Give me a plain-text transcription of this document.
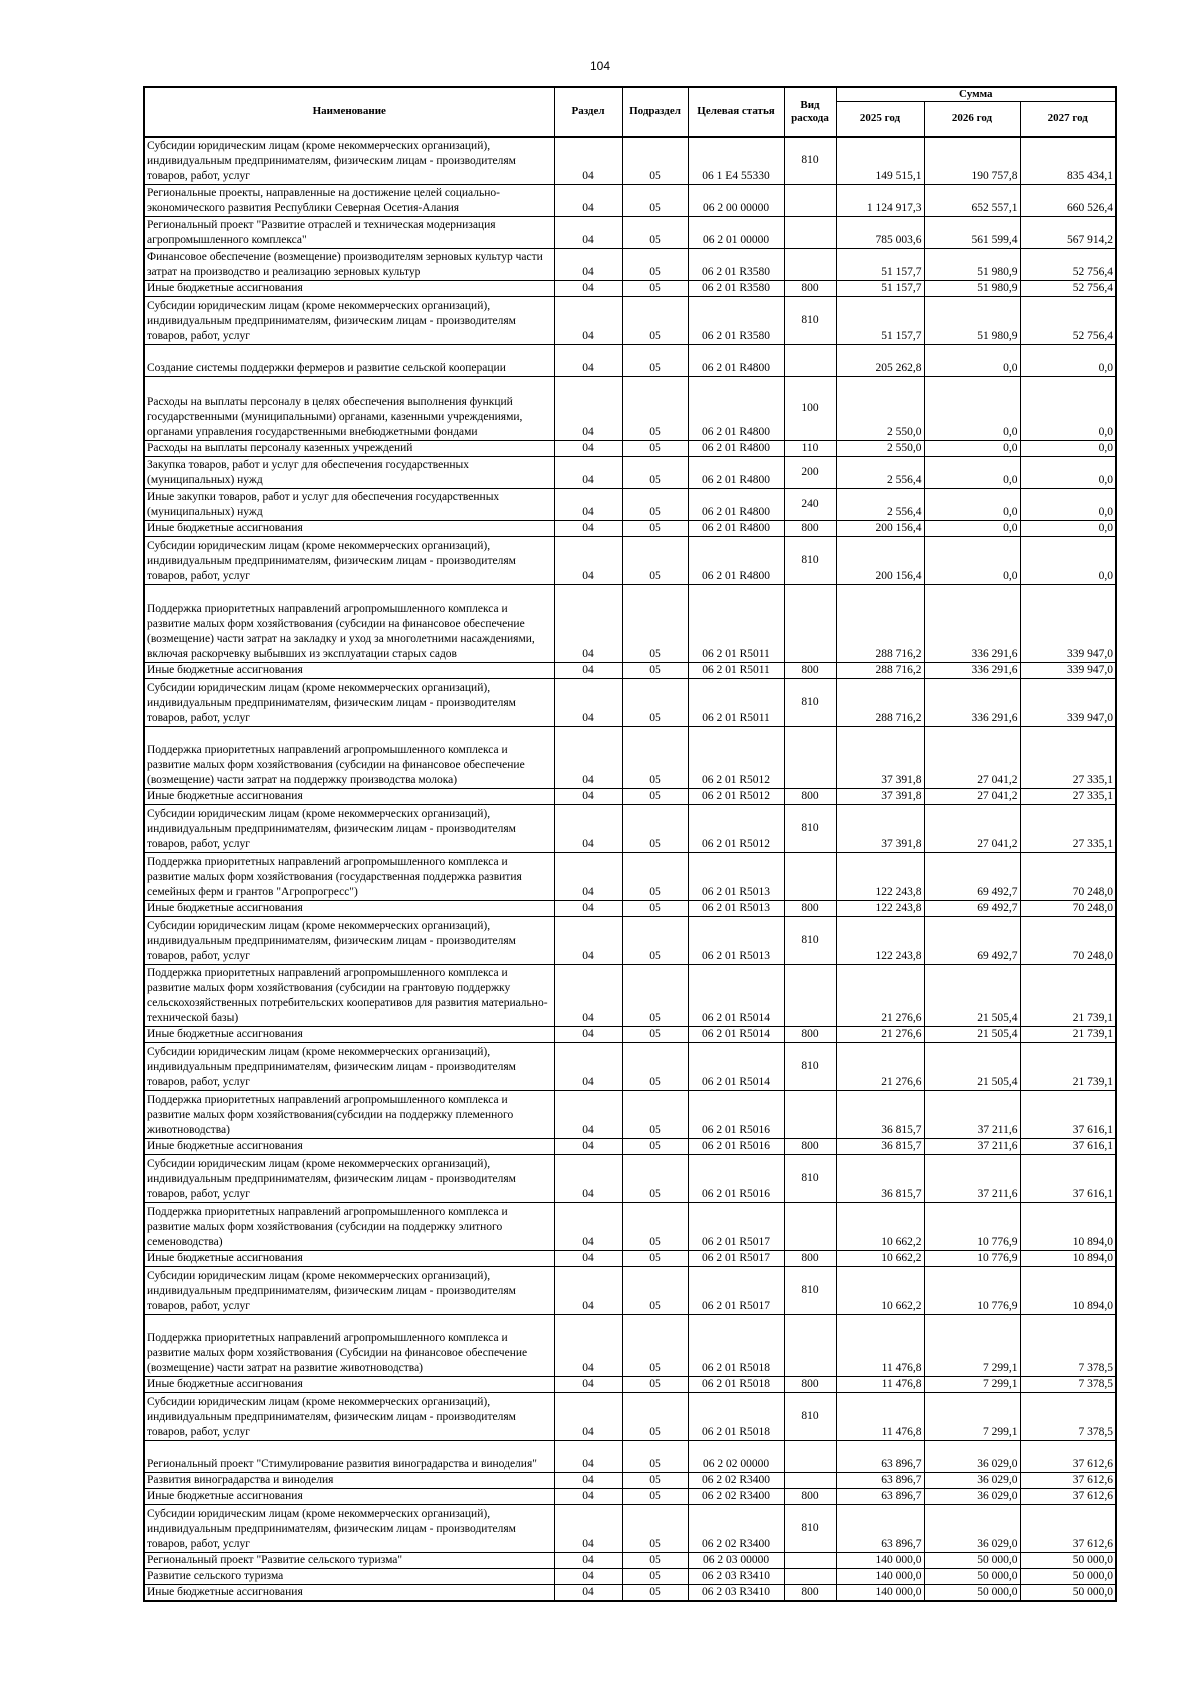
104
Наименование	Раздел	Подраздел	Целевая статья	Вид расхода	Сумма		
					2025 год	2026 год	2027 год
Субсидии юридическим лицам (кроме некоммерческих организаций), индивидуальным предпринимателям, физическим лицам - производителям товаров, работ, услуг	04	05	06 1 E4 55330	810	149 515,1	190 757,8	835 434,1
Региональные проекты, направленные на достижение целей социально-экономического развития Республики Северная Осетия-Алания	04	05	06 2 00 00000		1 124 917,3	652 557,1	660 526,4
Региональный проект "Развитие отраслей и техническая модернизация агропромышленного комплекса"	04	05	06 2 01 00000		785 003,6	561 599,4	567 914,2
Финансовое обеспечение (возмещение) производителям зерновых культур части затрат на производство и реализацию зерновых культур	04	05	06 2 01 R3580		51 157,7	51 980,9	52 756,4
Иные бюджетные ассигнования	04	05	06 2 01 R3580	800	51 157,7	51 980,9	52 756,4
Субсидии юридическим лицам (кроме некоммерческих организаций), индивидуальным предпринимателям, физическим лицам - производителям товаров, работ, услуг	04	05	06 2 01 R3580	810	51 157,7	51 980,9	52 756,4
Создание системы поддержки фермеров и развитие сельской кооперации	04	05	06 2 01 R4800		205 262,8	0,0	0,0
Расходы на выплаты персоналу в целях обеспечения выполнения функций государственными (муниципальными) органами, казенными учреждениями, органами управления государственными внебюджетными фондами	04	05	06 2 01 R4800	100	2 550,0	0,0	0,0
Расходы на выплаты персоналу казенных учреждений	04	05	06 2 01 R4800	110	2 550,0	0,0	0,0
Закупка товаров, работ и услуг для обеспечения государственных (муниципальных) нужд	04	05	06 2 01 R4800	200	2 556,4	0,0	0,0
Иные закупки товаров, работ и услуг для обеспечения государственных (муниципальных) нужд	04	05	06 2 01 R4800	240	2 556,4	0,0	0,0
Иные бюджетные ассигнования	04	05	06 2 01 R4800	800	200 156,4	0,0	0,0
Субсидии юридическим лицам (кроме некоммерческих организаций), индивидуальным предпринимателям, физическим лицам - производителям товаров, работ, услуг	04	05	06 2 01 R4800	810	200 156,4	0,0	0,0
Поддержка приоритетных направлений агропромышленного комплекса и развитие малых форм хозяйствования (субсидии на финансовое обеспечение (возмещение) части затрат на закладку и уход за многолетними насаждениями, включая раскорчевку выбывших из эксплуатации старых садов	04	05	06 2 01 R5011		288 716,2	336 291,6	339 947,0
Иные бюджетные ассигнования	04	05	06 2 01 R5011	800	288 716,2	336 291,6	339 947,0
Субсидии юридическим лицам (кроме некоммерческих организаций), индивидуальным предпринимателям, физическим лицам - производителям товаров, работ, услуг	04	05	06 2 01 R5011	810	288 716,2	336 291,6	339 947,0
Поддержка приоритетных направлений агропромышленного комплекса и развитие малых форм хозяйствования (субсидии на финансовое обеспечение (возмещение) части затрат на поддержку производства молока)	04	05	06 2 01 R5012		37 391,8	27 041,2	27 335,1
Иные бюджетные ассигнования	04	05	06 2 01 R5012	800	37 391,8	27 041,2	27 335,1
Субсидии юридическим лицам (кроме некоммерческих организаций), индивидуальным предпринимателям, физическим лицам - производителям товаров, работ, услуг	04	05	06 2 01 R5012	810	37 391,8	27 041,2	27 335,1
Поддержка приоритетных направлений агропромышленного комплекса и развитие малых форм хозяйствования (государственная поддержка развития семейных ферм и грантов "Агропрогресс")	04	05	06 2 01 R5013		122 243,8	69 492,7	70 248,0
Иные бюджетные ассигнования	04	05	06 2 01 R5013	800	122 243,8	69 492,7	70 248,0
Субсидии юридическим лицам (кроме некоммерческих организаций), индивидуальным предпринимателям, физическим лицам - производителям товаров, работ, услуг	04	05	06 2 01 R5013	810	122 243,8	69 492,7	70 248,0
Поддержка приоритетных направлений агропромышленного комплекса и развитие малых форм хозяйствования (субсидии на грантовую поддержку сельскохозяйственных потребительских кооперативов для развития материально-технической базы)	04	05	06 2 01 R5014		21 276,6	21 505,4	21 739,1
Иные бюджетные ассигнования	04	05	06 2 01 R5014	800	21 276,6	21 505,4	21 739,1
Субсидии юридическим лицам (кроме некоммерческих организаций), индивидуальным предпринимателям, физическим лицам - производителям товаров, работ, услуг	04	05	06 2 01 R5014	810	21 276,6	21 505,4	21 739,1
Поддержка приоритетных направлений агропромышленного комплекса и развитие малых форм хозяйствования(субсидии на поддержку племенного животноводства)	04	05	06 2 01 R5016		36 815,7	37 211,6	37 616,1
Иные бюджетные ассигнования	04	05	06 2 01 R5016	800	36 815,7	37 211,6	37 616,1
Субсидии юридическим лицам (кроме некоммерческих организаций), индивидуальным предпринимателям, физическим лицам - производителям товаров, работ, услуг	04	05	06 2 01 R5016	810	36 815,7	37 211,6	37 616,1
Поддержка приоритетных направлений агропромышленного комплекса и развитие малых форм хозяйствования (субсидии на поддержку элитного семеноводства)	04	05	06 2 01 R5017		10 662,2	10 776,9	10 894,0
Иные бюджетные ассигнования	04	05	06 2 01 R5017	800	10 662,2	10 776,9	10 894,0
Субсидии юридическим лицам (кроме некоммерческих организаций), индивидуальным предпринимателям, физическим лицам - производителям товаров, работ, услуг	04	05	06 2 01 R5017	810	10 662,2	10 776,9	10 894,0
Поддержка приоритетных направлений агропромышленного комплекса и развитие малых форм хозяйствования (Субсидии на финансовое обеспечение (возмещение) части затрат на развитие животноводства)	04	05	06 2 01 R5018		11 476,8	7 299,1	7 378,5
Иные бюджетные ассигнования	04	05	06 2 01 R5018	800	11 476,8	7 299,1	7 378,5
Субсидии юридическим лицам (кроме некоммерческих организаций), индивидуальным предпринимателям, физическим лицам - производителям товаров, работ, услуг	04	05	06 2 01 R5018	810	11 476,8	7 299,1	7 378,5
Региональный проект "Стимулирование развития виноградарства и виноделия"	04	05	06 2 02 00000		63 896,7	36 029,0	37 612,6
Развития виноградарства и виноделия	04	05	06 2 02 R3400		63 896,7	36 029,0	37 612,6
Иные бюджетные ассигнования	04	05	06 2 02 R3400	800	63 896,7	36 029,0	37 612,6
Субсидии юридическим лицам (кроме некоммерческих организаций), индивидуальным предпринимателям, физическим лицам - производителям товаров, работ, услуг	04	05	06 2 02 R3400	810	63 896,7	36 029,0	37 612,6
Региональный проект "Развитие сельского туризма"	04	05	06 2 03 00000		140 000,0	50 000,0	50 000,0
Развитие сельского туризма	04	05	06 2 03 R3410		140 000,0	50 000,0	50 000,0
Иные бюджетные ассигнования	04	05	06 2 03 R3410	800	140 000,0	50 000,0	50 000,0
